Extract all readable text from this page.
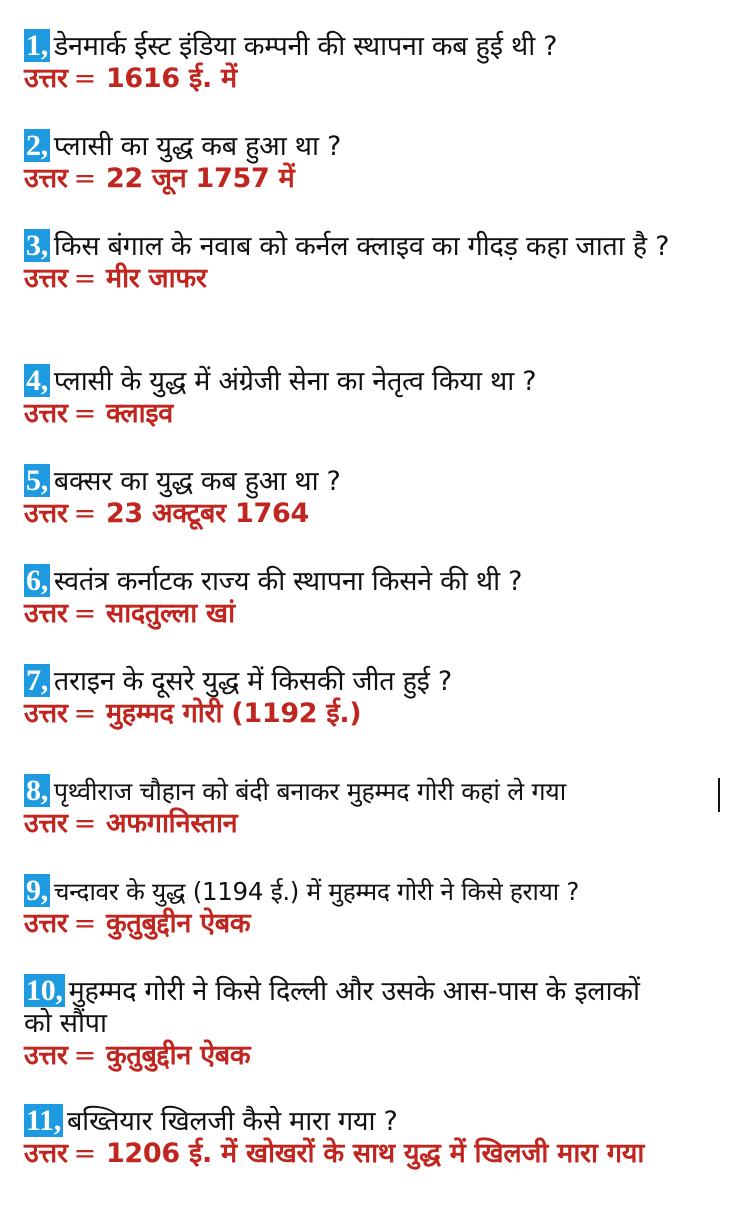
1, डेनमार्क ईस्ट इंडिया कम्पनी की स्थापना कब हुई थी ?
उत्तर = 1616 ई. में
2, प्लासी का युद्ध कब हुआ था ?
उत्तर = 22 जून 1757 में
3, किस बंगाल के नवाब को कर्नल क्लाइव का गीदड़ कहा जाता है ?
उत्तर = मीर जाफर
4, प्लासी के युद्ध में अंग्रेजी सेना का नेतृत्व किया था ?
उत्तर = क्लाइव
5, बक्सर का युद्ध कब हुआ था ?
उत्तर = 23 अक्टूबर 1764
6, स्वतंत्र कर्नाटक राज्य की स्थापना किसने की थी ?
उत्तर = सादतुल्ला खां
7, तराइन के दूसरे युद्ध में किसकी जीत हुई ?
उत्तर = मुहम्मद गोरी (1192 ई.)
8, पृथ्वीराज चौहान को बंदी बनाकर मुहम्मद गोरी कहां ले गया
उत्तर = अफगानिस्तान
9, चन्दावर के युद्ध (1194 ई.) में मुहम्मद गोरी ने किसे हराया ?
उत्तर = कुतुबुद्दीन ऐबक
10, मुहम्मद गोरी ने किसे दिल्ली और उसके आस-पास के इलाकों को सौंपा
उत्तर = कुतुबुद्दीन ऐबक
11, बख्तियार खिलजी कैसे मारा गया ?
उत्तर = 1206 ई. में खोखरों के साथ युद्ध में खिलजी मारा गया
